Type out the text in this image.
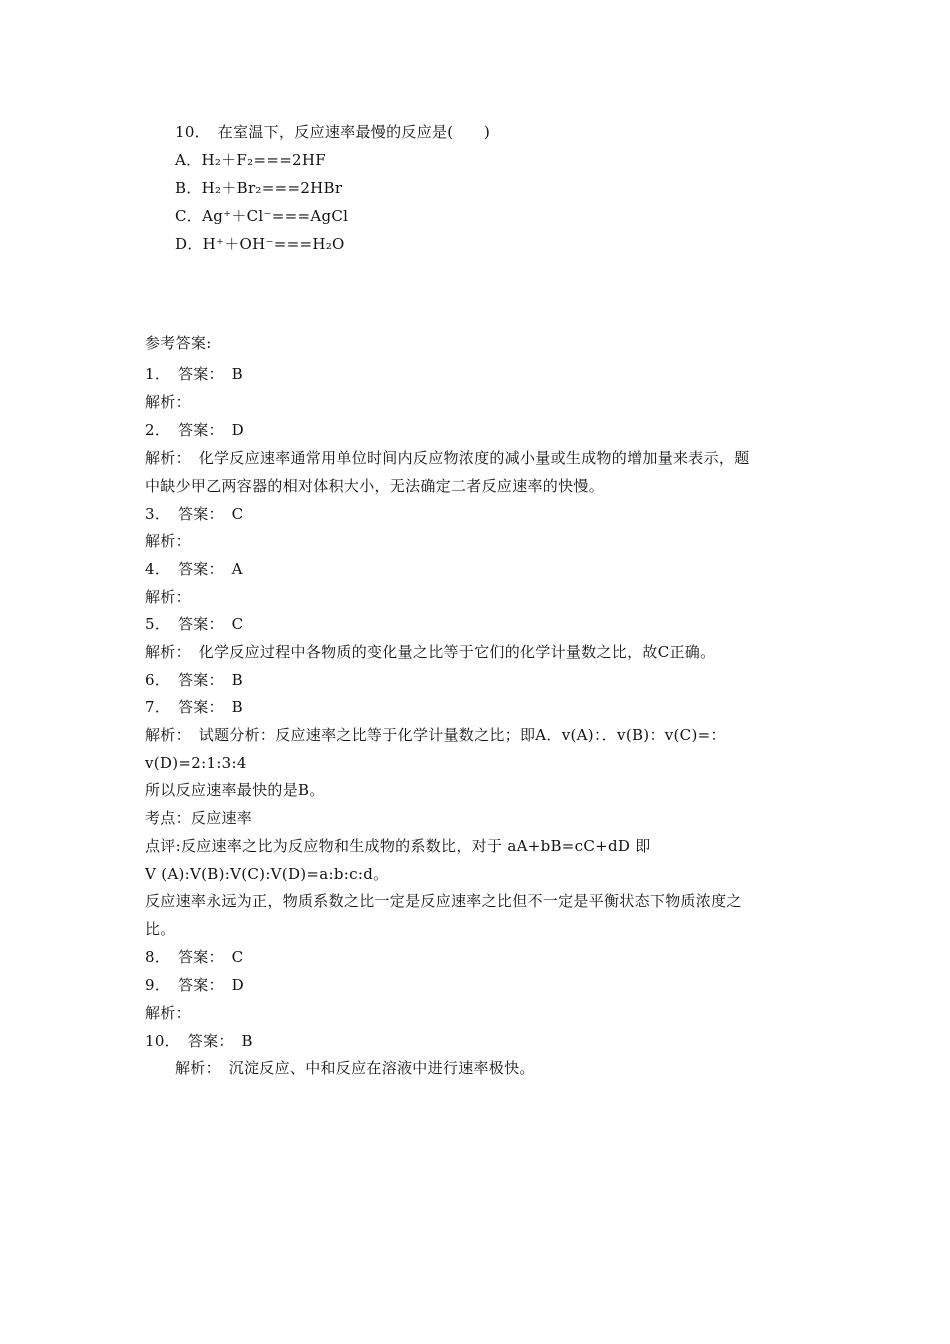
10．　在室温下，反应速率最慢的反应是(　　)
A．H₂＋F₂===2HF
B．H₂＋Br₂===2HBr
C．Ag⁺＋Cl⁻===AgCl
D．H⁺＋OH⁻===H₂O
参考答案:
1．　答案：　B
解析：
2．　答案：　D
解析：　化学反应速率通常用单位时间内反应物浓度的减小量或生成物的增加量来表示，题
中缺少甲乙两容器的相对体积大小，无法确定二者反应速率的快慢。
3．　答案：　C
解析：
4．　答案：　A
解析：
5．　答案：　C
解析：　化学反应过程中各物质的变化量之比等于它们的化学计量数之比，故C正确。
6．　答案：　B
7．　答案：　B
解析：　试题分析：反应速率之比等于化学计量数之比；即A．v(A)：．v(B)：v(C)=：
v(D)=2:1:3:4
所以反应速率最快的是B。
考点：反应速率
点评:反应速率之比为反应物和生成物的系数比，对于 aA+bB=cC+dD 即
V (A):V(B):V(C):V(D)=a:b:c:d。
反应速率永远为正，物质系数之比一定是反应速率之比但不一定是平衡状态下物质浓度之
比。
8．　答案：　C
9．　答案：　D
解析：
10．　答案：　B
解析：　沉淀反应、中和反应在溶液中进行速率极快。
